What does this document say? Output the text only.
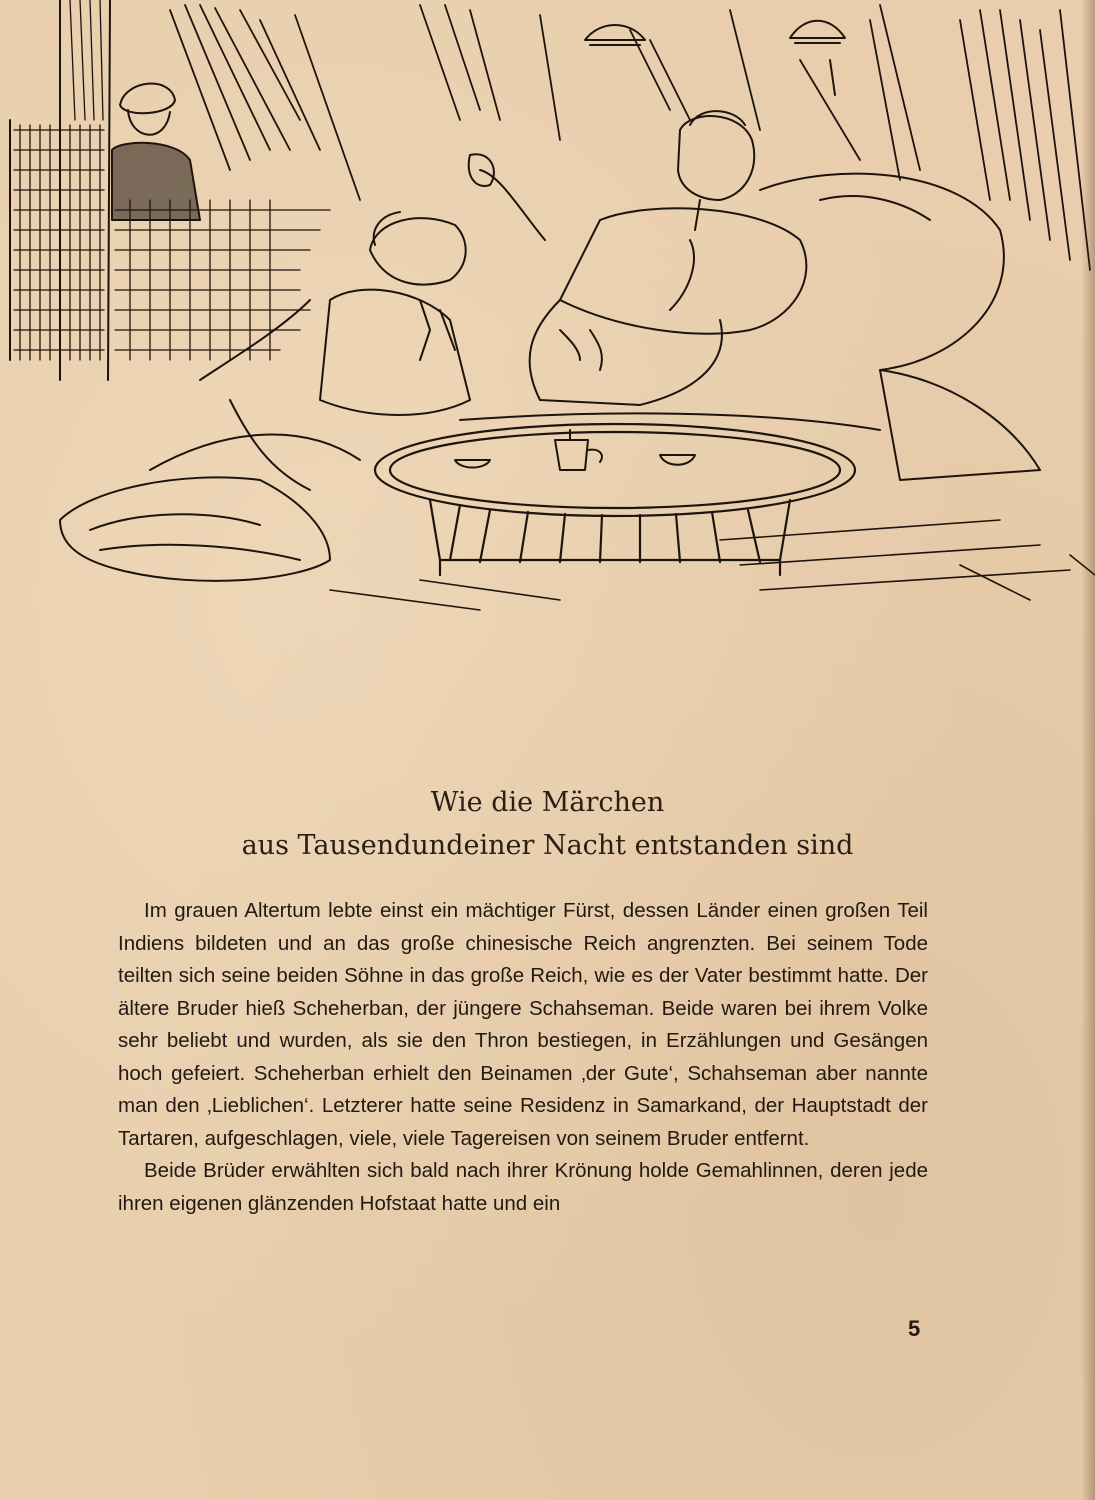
Wie die Märchen
aus Tausendundeiner Nacht entstanden sind

Im grauen Altertum lebte einst ein mächtiger Fürst, dessen Länder einen großen Teil Indiens bildeten und an das große chinesische Reich angrenzten. Bei seinem Tode teilten sich seine beiden Söhne in das große Reich, wie es der Vater bestimmt hatte. Der ältere Bruder hieß Scheherban, der jüngere Schahseman. Beide waren bei ihrem Volke sehr beliebt und wurden, als sie den Thron bestiegen, in Erzählungen und Gesängen hoch gefeiert. Scheherban erhielt den Beinamen ‚der Gute‘, Schahseman aber nannte man den ‚Lieblichen‘. Letzterer hatte seine Residenz in Samarkand, der Hauptstadt der Tartaren, aufgeschlagen, viele, viele Tagereisen von seinem Bruder entfernt.

Beide Brüder erwählten sich bald nach ihrer Krönung holde Gemahlinnen, deren jede ihren eigenen glänzenden Hofstaat hatte und ein

5
